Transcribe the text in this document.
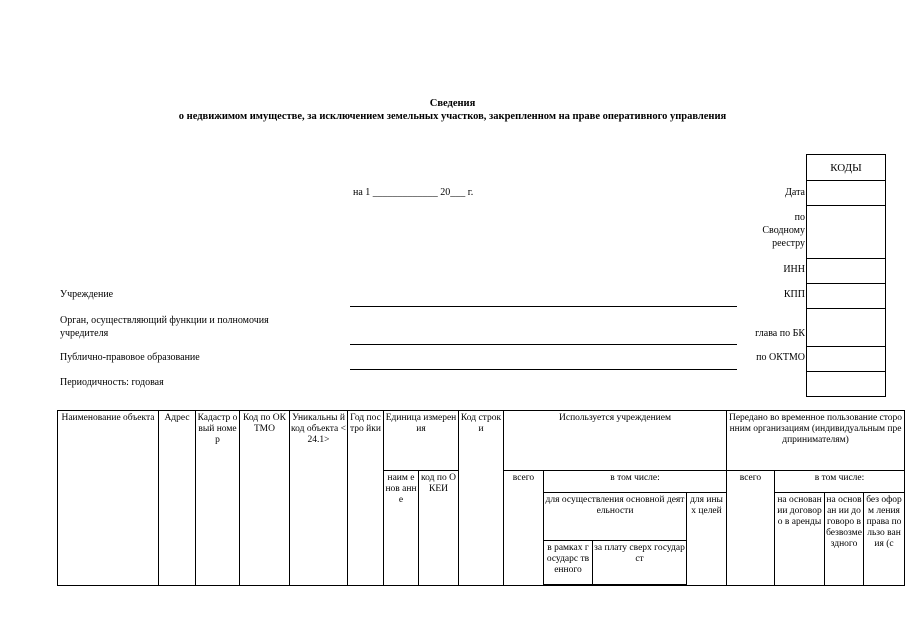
Сведения
о недвижимом имуществе, за исключением земельных участков, закрепленном на праве оперативного управления
на 1 _____________ 20___ г.
КОДЫ
Дата
по
Сводному
реестру
ИНН
КПП
глава по БК
по ОКТМО
Учреждение
Орган, осуществляющий функции и полномочия
учредителя
Публично-правовое образование
Периодичность: годовая
Наименование объекта	Адрес	Кадастр овый номер	Код по ОКТМО	Уникальны й код объекта <24.1>	Год постро йки	Единица измерения		Код строки	Используется учреждением				Передано во временное пользование сторонним организациям (индивидуальным предпринимателям)			
						наим енов анне	код по ОКЕИ		всего	в том числе:			всего	в том числе:		
										для осуществления основной деятельности		для иных целей		на основан ии договоро в аренды	на основан ии договоро в безвозме здного	без оформ ления права пользо вания (с
										в рамках государс твенного	за плату сверх государст					
